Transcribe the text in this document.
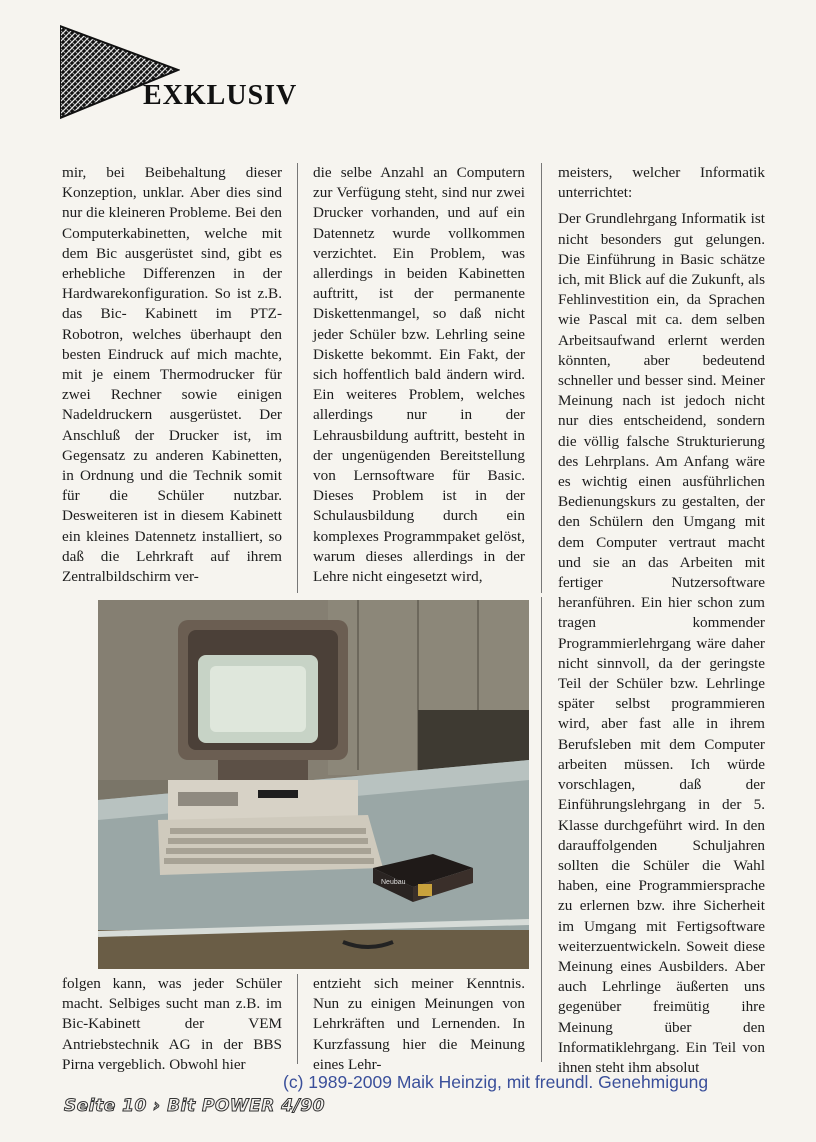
EXKLUSIV

mir, bei Beibehaltung dieser Konzeption, unklar. Aber dies sind nur die kleineren Probleme. Bei den Computerkabinetten, welche mit dem Bic ausgerüstet sind, gibt es erhebliche Differenzen in der Hardwarekonfiguration. So ist z.B. das Bic- Kabinett im PTZ-Robotron, welches überhaupt den besten Eindruck auf mich machte, mit je einem Thermodrucker für zwei Rechner sowie einigen Nadeldruckern ausgerüstet. Der Anschluß der Drucker ist, im Gegensatz zu anderen Kabinetten, in Ordnung und die Technik somit für die Schüler nutzbar. Desweiteren ist in diesem Kabinett ein kleines Datennetz installiert, so daß die Lehrkraft auf ihrem Zentralbildschirm ver-

die selbe Anzahl an Computern zur Verfügung steht, sind nur zwei Drucker vorhanden, und auf ein Datennetz wurde vollkommen verzichtet. Ein Problem, was allerdings in beiden Kabinetten auftritt, ist der permanente Diskettenmangel, so daß nicht jeder Schüler bzw. Lehrling seine Diskette bekommt. Ein Fakt, der sich hoffentlich bald ändern wird. Ein weiteres Problem, welches allerdings nur in der Lehrausbildung auftritt, besteht in der ungenügenden Bereitstellung von Lernsoftware für Basic. Dieses Problem ist in der Schulausbildung durch ein komplexes Programmpaket gelöst, warum dieses allerdings in der Lehre nicht eingesetzt wird,

meisters, welcher Informatik unterrichtet:

Der Grundlehrgang Informatik ist nicht besonders gut gelungen. Die Einführung in Basic schätze ich, mit Blick auf die Zukunft, als Fehlinvestition ein, da Sprachen wie Pascal mit ca. dem selben Arbeitsaufwand erlernt werden könnten, aber bedeutend schneller und besser sind. Meiner Meinung nach ist jedoch nicht nur dies entscheidend, sondern die völlig falsche Strukturierung des Lehrplans. Am Anfang wäre es wichtig einen ausführlichen Bedienungskurs zu gestalten, der den Schülern den Umgang mit dem Computer vertraut macht und sie an das Arbeiten mit fertiger Nutzersoftware heranführen. Ein hier schon zum tragen kommender Programmierlehrgang wäre daher nicht sinnvoll, da der geringste Teil der Schüler bzw. Lehrlinge später selbst programmieren wird, aber fast alle in ihrem Berufsleben mit dem Computer arbeiten müssen. Ich würde vorschlagen, daß der Einführungslehrgang in der 5. Klasse durchgeführt wird. In den darauffolgenden Schuljahren sollten die Schüler die Wahl haben, eine Programmiersprache zu erlernen bzw. ihre Sicherheit im Umgang mit Fertigsoftware weiterzuentwickeln. Soweit diese Meinung eines Ausbilders. Aber auch Lehrlinge äußerten uns gegenüber freimütig ihre Meinung über den Informatiklehrgang. Ein Teil von ihnen steht ihm absolut

Neubau

folgen kann, was jeder Schüler macht. Selbiges sucht man z.B. im Bic-Kabinett der VEM Antriebstechnik AG in der BBS Pirna vergeblich. Obwohl hier

entzieht sich meiner Kenntnis. Nun zu einigen Meinungen von Lehrkräften und Lernenden. In Kurzfassung hier die Meinung eines Lehr-

(c) 1989-2009 Maik Heinzig, mit freundl. Genehmigung
Seite 10 › Bit POWER 4/90
